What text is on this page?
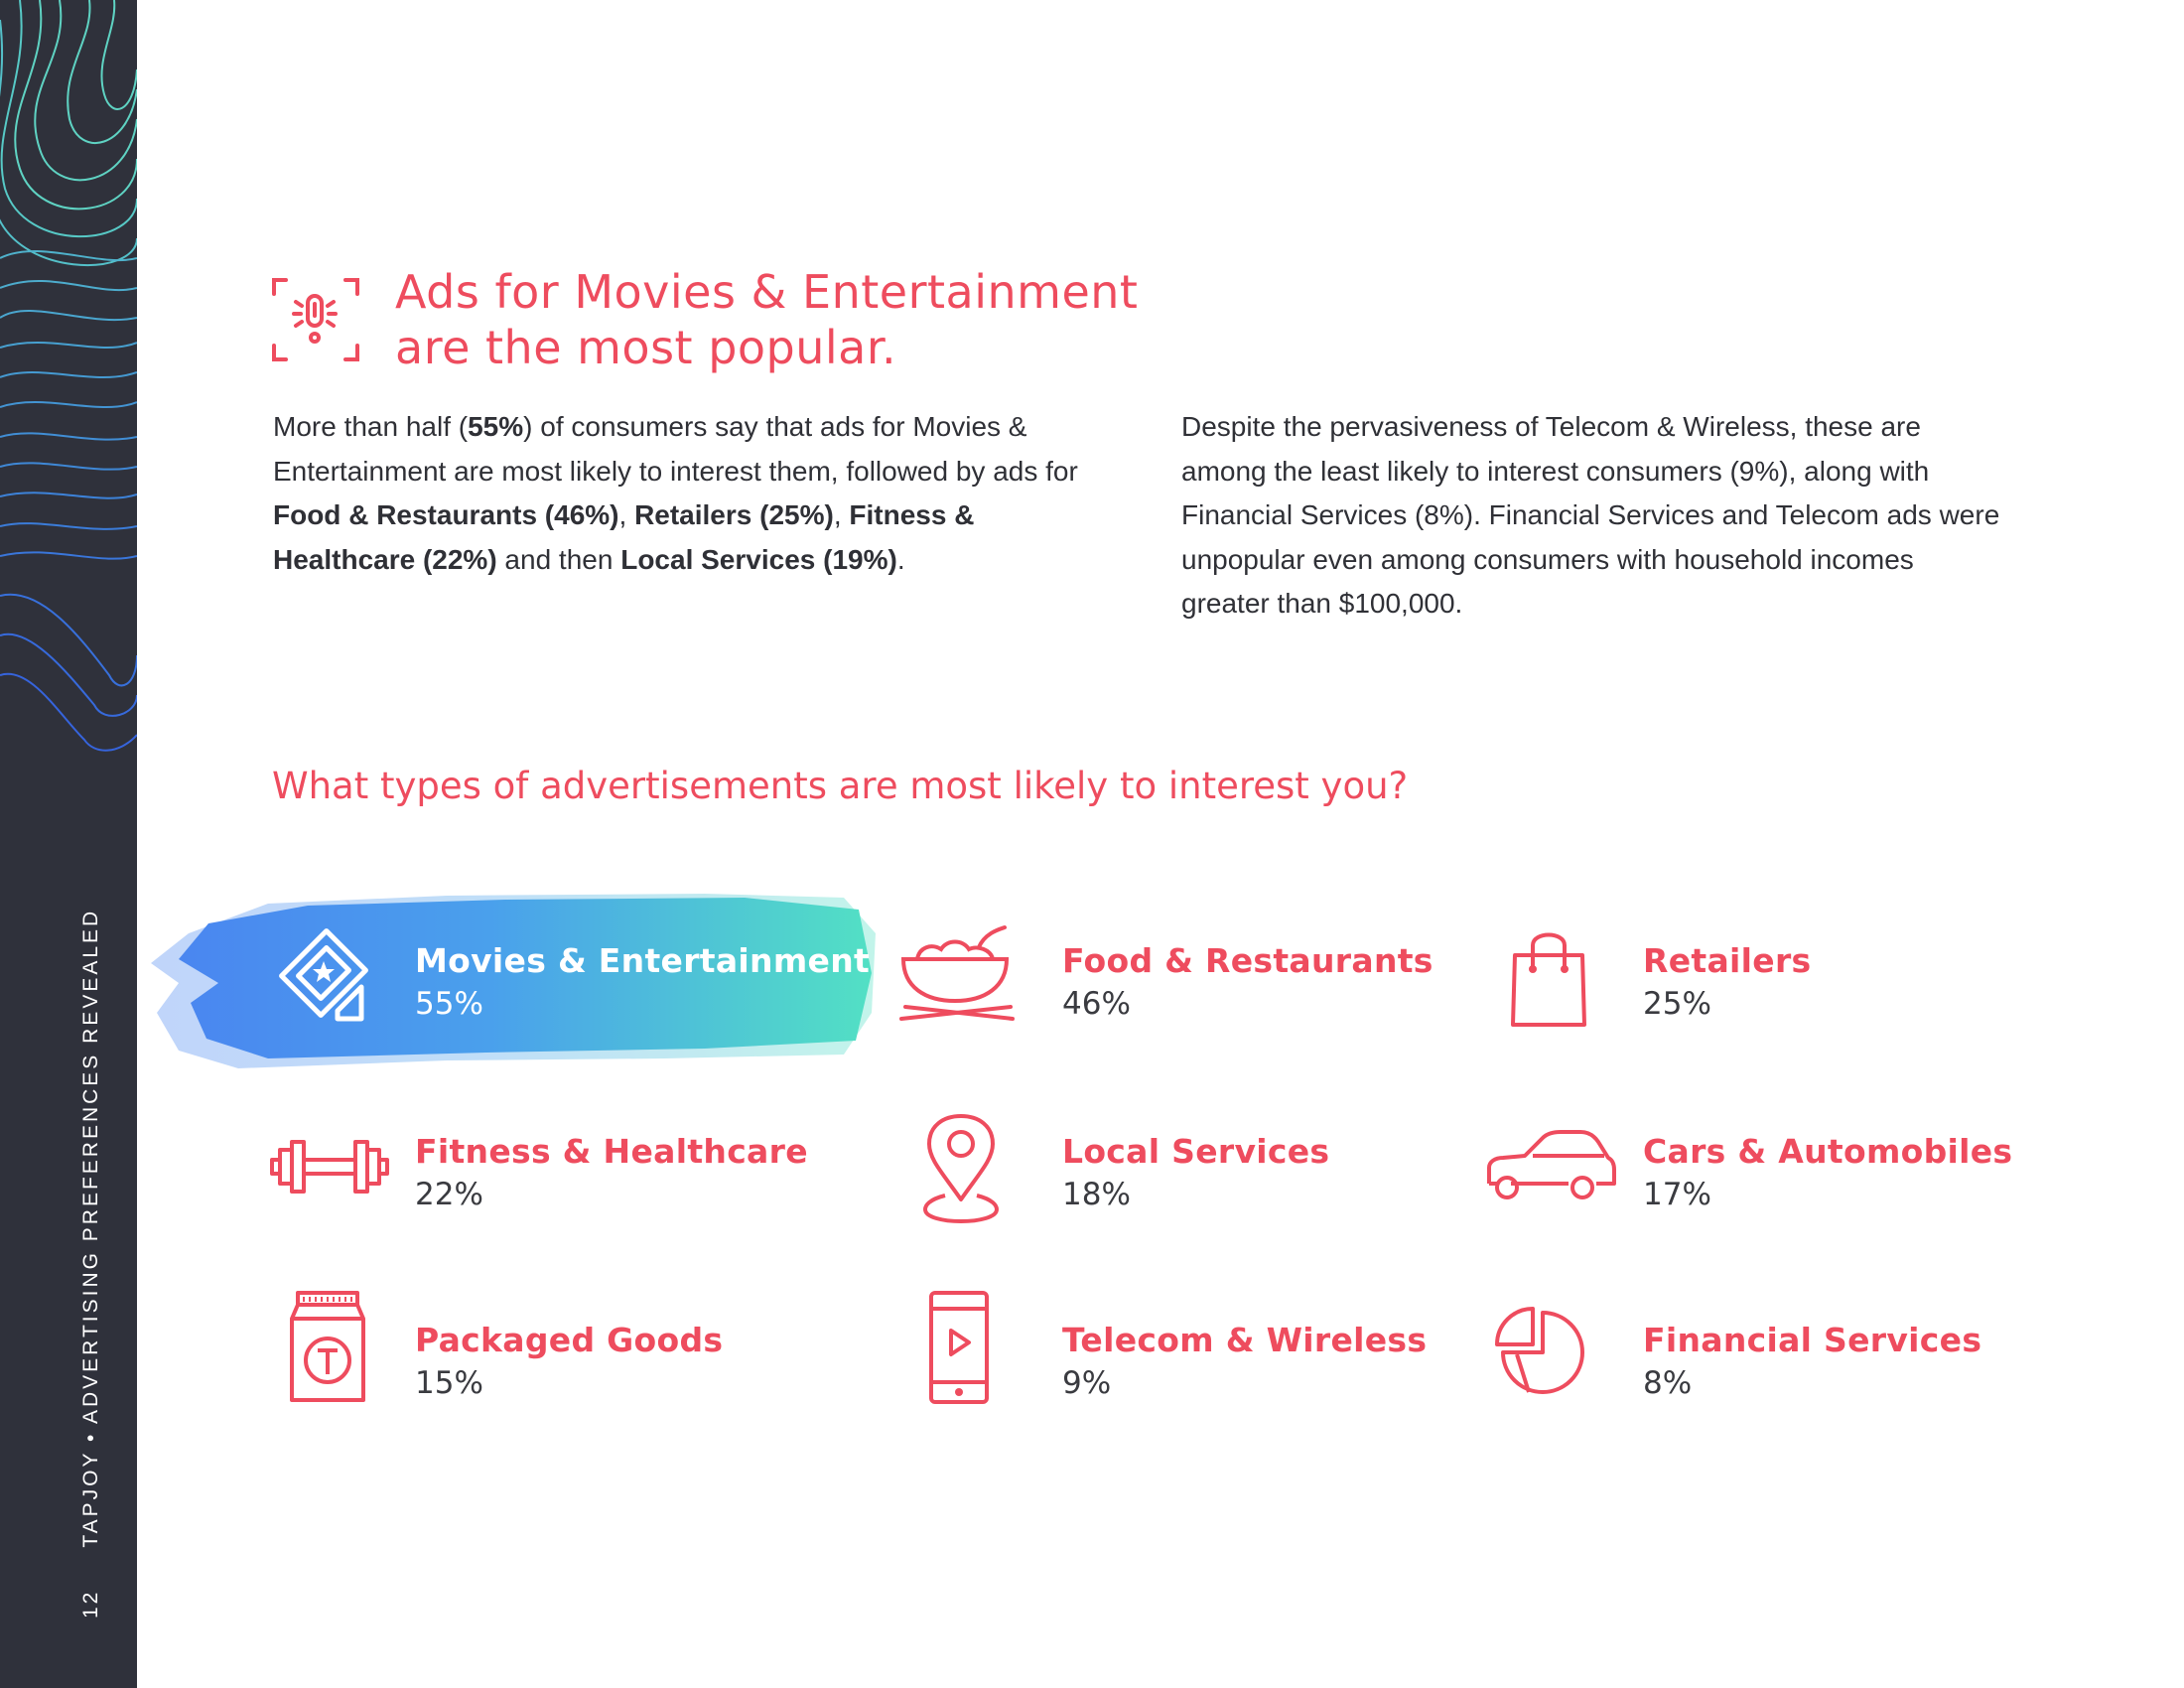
12TAPJOY • ADVERTISING PREFERENCES REVEALED
Ads for Movies & Entertainment
are the most popular.
More than half (55%) of consumers say that ads for Movies & Entertainment are most likely to interest them, followed by ads for Food & Restaurants (46%), Retailers (25%), Fitness & Healthcare (22%) and then Local Services (19%).
Despite the pervasiveness of Telecom & Wireless, these are among the least likely to interest consumers (9%), along with Financial Services (8%). Financial Services and Telecom ads were unpopular even among consumers with household incomes greater than $100,000.
What types of advertisements are most likely to interest you?
Movies & Entertainment
55%
Food & Restaurants
46%
Retailers
25%
Fitness & Healthcare
22%
Local Services
18%
Cars & Automobiles
17%
Packaged Goods
15%
Telecom & Wireless
9%
Financial Services
8%
